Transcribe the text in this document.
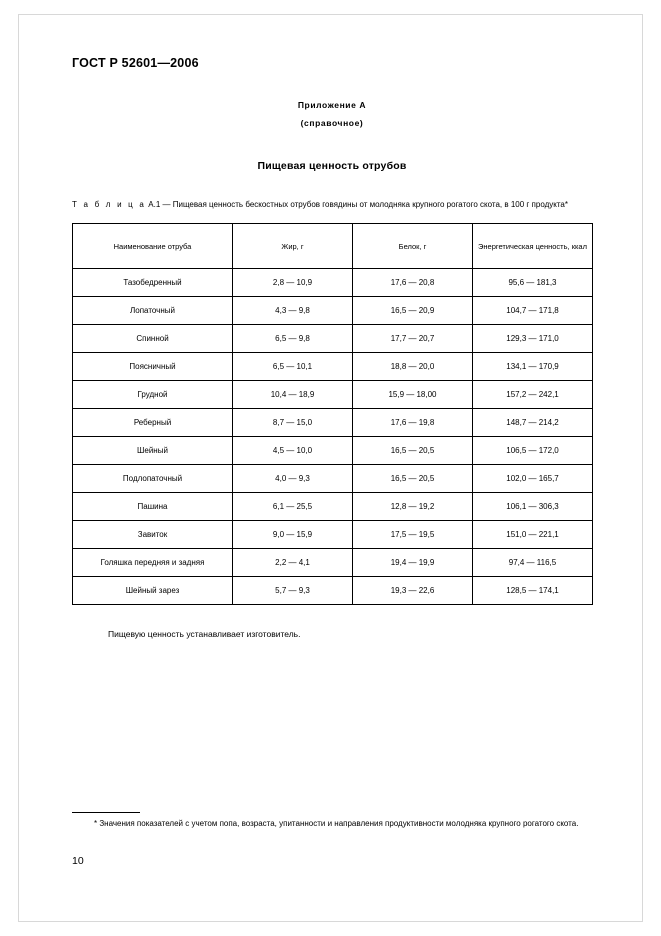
ГОСТ Р 52601—2006
Приложение А
(справочное)
Пищевая ценность отрубов
Т а б л и ц а А.1 — Пищевая ценность бескостных отрубов говядины от молодняка крупного рогатого скота, в 100 г продукта*
Наименование отруба	Жир, г	Белок, г	Энергетическая ценность, ккал
Тазобедренный	2,8 — 10,9	17,6 — 20,8	95,6 — 181,3
Лопаточный	4,3 — 9,8	16,5 — 20,9	104,7 — 171,8
Спинной	6,5 — 9,8	17,7 — 20,7	129,3 — 171,0
Поясничный	6,5 — 10,1	18,8 — 20,0	134,1 — 170,9
Грудной	10,4 — 18,9	15,9 — 18,00	157,2 — 242,1
Реберный	8,7 — 15,0	17,6 — 19,8	148,7 — 214,2
Шейный	4,5 — 10,0	16,5 — 20,5	106,5 — 172,0
Подлопаточный	4,0 — 9,3	16,5 — 20,5	102,0 — 165,7
Пашина	6,1 — 25,5	12,8 — 19,2	106,1 — 306,3
Завиток	9,0 — 15,9	17,5 — 19,5	151,0 — 221,1
Голяшка передняя и задняя	2,2 — 4,1	19,4 — 19,9	97,4 — 116,5
Шейный зарез	5,7 — 9,3	19,3 — 22,6	128,5 — 174,1
Пищевую ценность устанавливает изготовитель.
* Значения показателей с учетом попа, возраста, упитанности и направления продуктивности молодняка крупного рогатого скота.
10
